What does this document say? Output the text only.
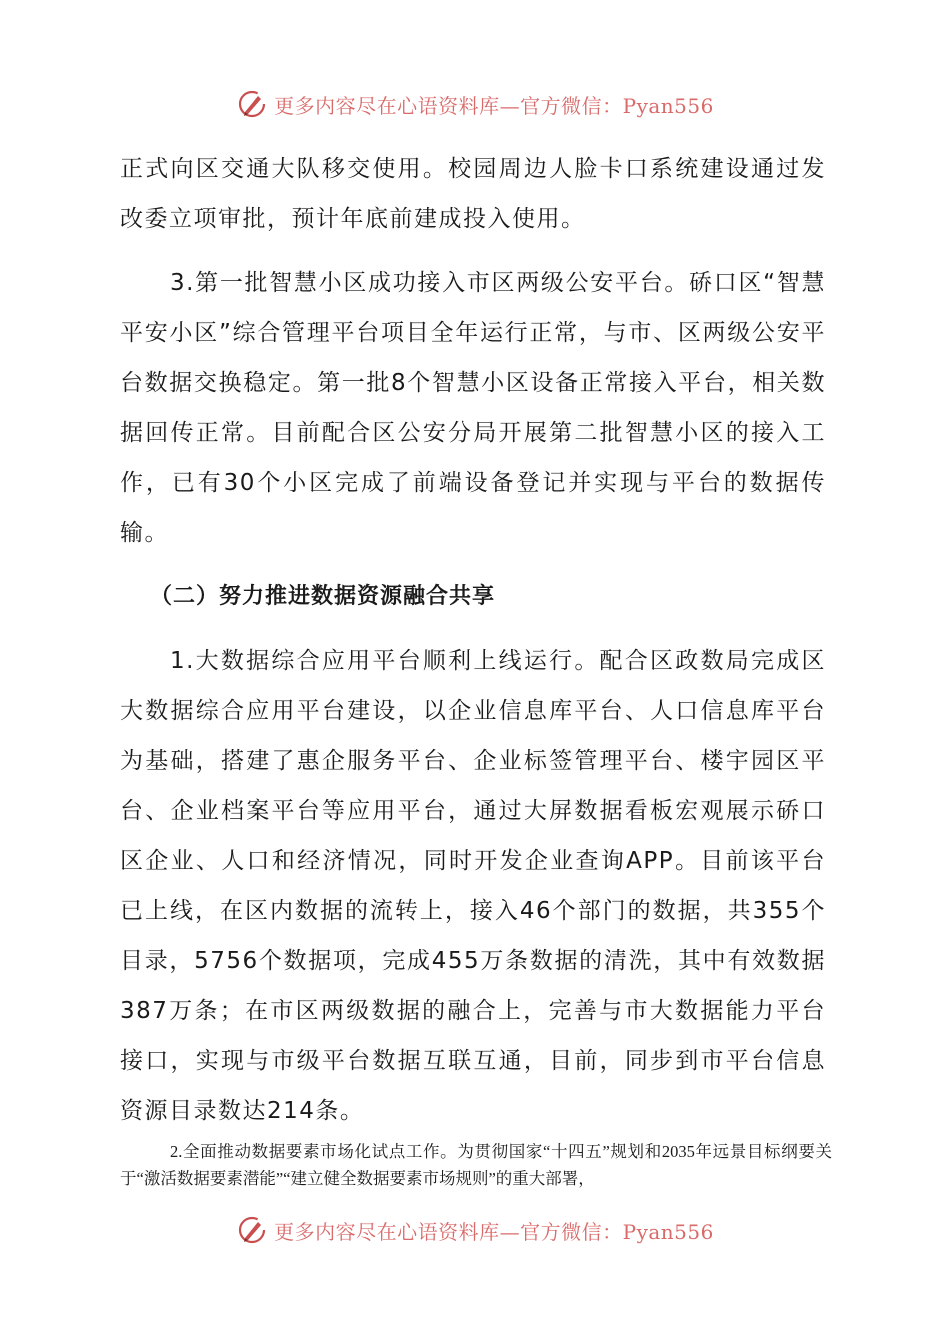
更多内容尽在心语资料库—官方微信：Pyan556

正式向区交通大队移交使用。校园周边人脸卡口系统建设通过发改委立项审批，预计年底前建成投入使用。

3.第一批智慧小区成功接入市区两级公安平台。硚口区“智慧平安小区”综合管理平台项目全年运行正常，与市、区两级公安平台数据交换稳定。第一批8个智慧小区设备正常接入平台，相关数据回传正常。目前配合区公安分局开展第二批智慧小区的接入工作，已有30个小区完成了前端设备登记并实现与平台的数据传输。

（二）努力推进数据资源融合共享

1.大数据综合应用平台顺利上线运行。配合区政数局完成区大数据综合应用平台建设，以企业信息库平台、人口信息库平台为基础，搭建了惠企服务平台、企业标签管理平台、楼宇园区平台、企业档案平台等应用平台，通过大屏数据看板宏观展示硚口区企业、人口和经济情况，同时开发企业查询APP。目前该平台已上线，在区内数据的流转上，接入46个部门的数据，共355个目录，5756个数据项，完成455万条数据的清洗，其中有效数据387万条；在市区两级数据的融合上，完善与市大数据能力平台接口，实现与市级平台数据互联互通，目前，同步到市平台信息资源目录数达214条。

2.全面推动数据要素市场化试点工作。为贯彻国家“十四五”规划和2035年远景目标纲要关于“激活数据要素潜能”“建立健全数据要素市场规则”的重大部署，

更多内容尽在心语资料库—官方微信：Pyan556
